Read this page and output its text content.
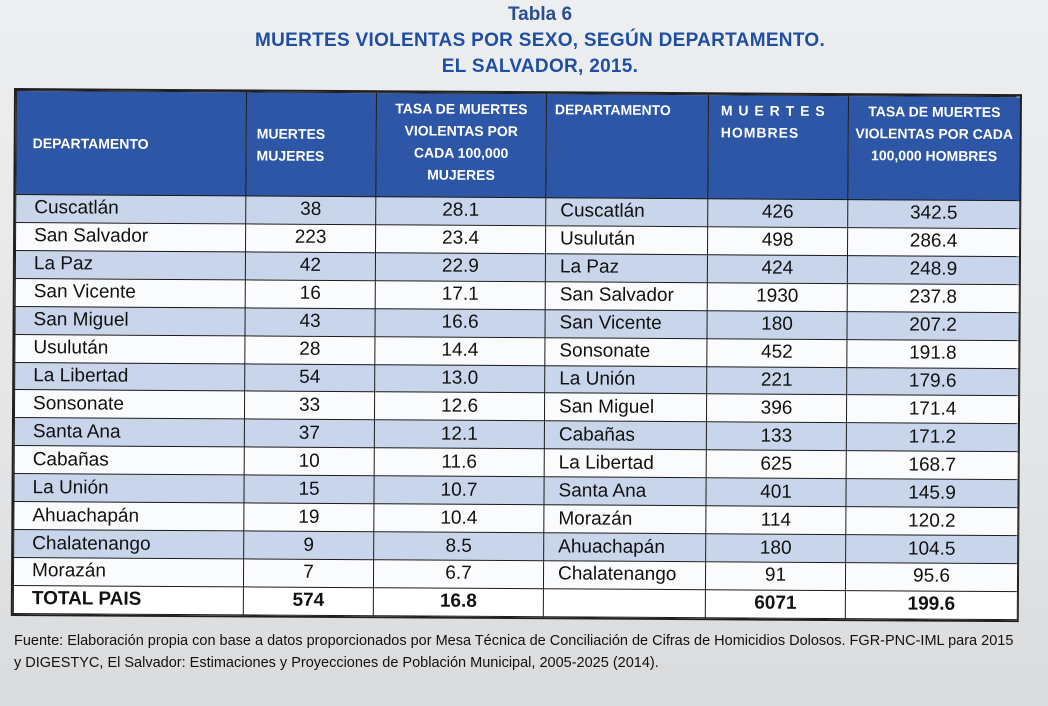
Tabla 6
MUERTES VIOLENTAS POR SEXO, SEGÚN DEPARTAMENTO.
EL SALVADOR, 2015.
DEPARTAMENTO	MUERTES MUJERES	TASA DE MUERTES VIOLENTAS POR CADA 100,000 MUJERES	DEPARTAMENTO	M U E R T E S HOMBRES	TASA DE MUERTES VIOLENTAS POR CADA 100,000 HOMBRES
Cuscatlán	38	28.1	Cuscatlán	426	342.5
San Salvador	223	23.4	Usulután	498	286.4
La Paz	42	22.9	La Paz	424	248.9
San Vicente	16	17.1	San Salvador	1930	237.8
San Miguel	43	16.6	San Vicente	180	207.2
Usulután	28	14.4	Sonsonate	452	191.8
La Libertad	54	13.0	La Unión	221	179.6
Sonsonate	33	12.6	San Miguel	396	171.4
Santa Ana	37	12.1	Cabañas	133	171.2
Cabañas	10	11.6	La Libertad	625	168.7
La Unión	15	10.7	Santa Ana	401	145.9
Ahuachapán	19	10.4	Morazán	114	120.2
Chalatenango	9	8.5	Ahuachapán	180	104.5
Morazán	7	6.7	Chalatenango	91	95.6
TOTAL PAIS	574	16.8		6071	199.6
Fuente: Elaboración propia con base a datos proporcionados por Mesa Técnica de Conciliación de Cifras de Homicidios Dolosos. FGR-PNC-IML para 2015
y DIGESTYC, El Salvador: Estimaciones y Proyecciones de Población Municipal, 2005-2025 (2014).
